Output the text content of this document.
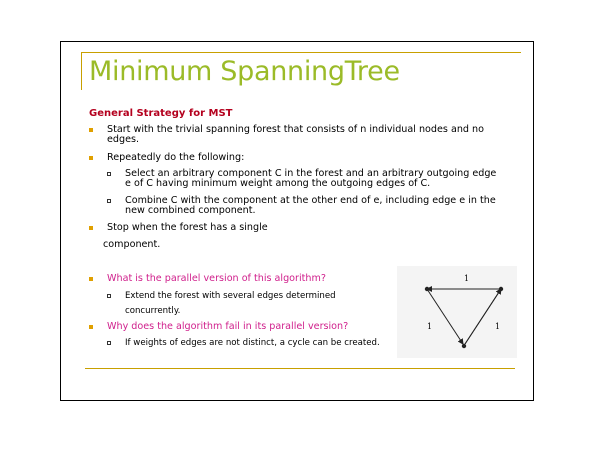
Minimum SpanningTree
General Strategy for MST
Start with the trivial spanning forest that consists of n individual nodes and no
edges.
Repeatedly do the following:
Select an arbitrary component C in the forest and an arbitrary outgoing edge
e of C having minimum weight among the outgoing edges of C.
Combine C with the component at the other end of e, including edge e in the
new combined component.
Stop when the forest has a single
component.
What is the parallel version of this algorithm?
Extend the forest with several edges determined
concurrently.
Why does the algorithm fail in its parallel version?
If weights of edges are not distinct, a cycle can be created.
1
1	1
